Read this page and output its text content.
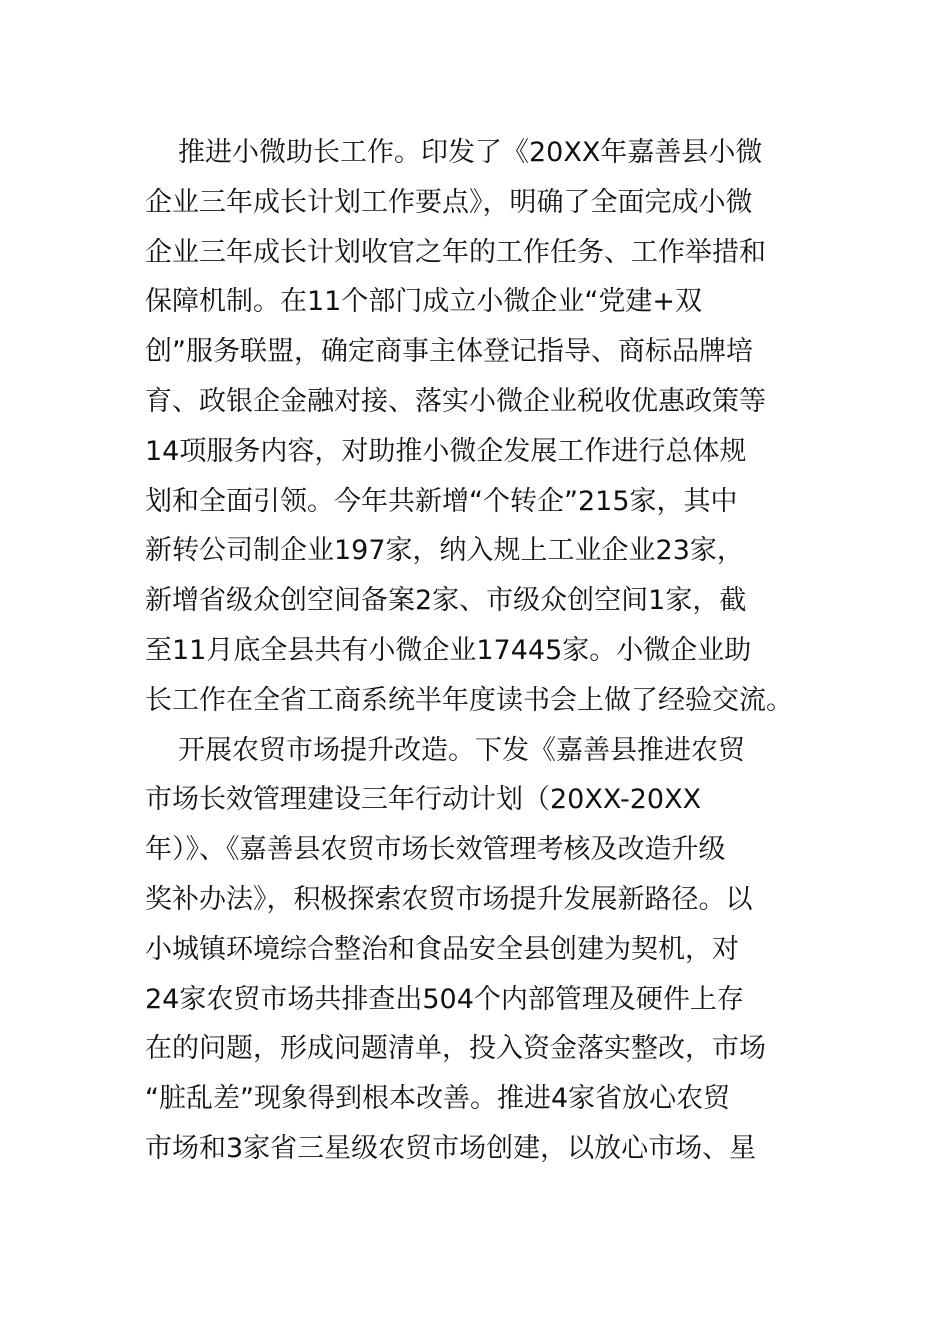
推进小微助长工作。印发了《20XX年嘉善县小微
企业三年成长计划工作要点》，明确了全面完成小微
企业三年成长计划收官之年的工作任务、工作举措和
保障机制。在11个部门成立小微企业“党建+双
创”服务联盟，确定商事主体登记指导、商标品牌培
育、政银企金融对接、落实小微企业税收优惠政策等
14项服务内容，对助推小微企发展工作进行总体规
划和全面引领。今年共新增“个转企”215家，其中
新转公司制企业197家，纳入规上工业企业23家，
新增省级众创空间备案2家、市级众创空间1家，截
至11月底全县共有小微企业17445家。小微企业助
长工作在全省工商系统半年度读书会上做了经验交流。
开展农贸市场提升改造。下发《嘉善县推进农贸
市场长效管理建设三年行动计划（20XX-20XX
年）》、《嘉善县农贸市场长效管理考核及改造升级
奖补办法》，积极探索农贸市场提升发展新路径。以
小城镇环境综合整治和食品安全县创建为契机，对
24家农贸市场共排查出504个内部管理及硬件上存
在的问题，形成问题清单，投入资金落实整改，市场
“脏乱差”现象得到根本改善。推进4家省放心农贸
市场和3家省三星级农贸市场创建，以放心市场、星
